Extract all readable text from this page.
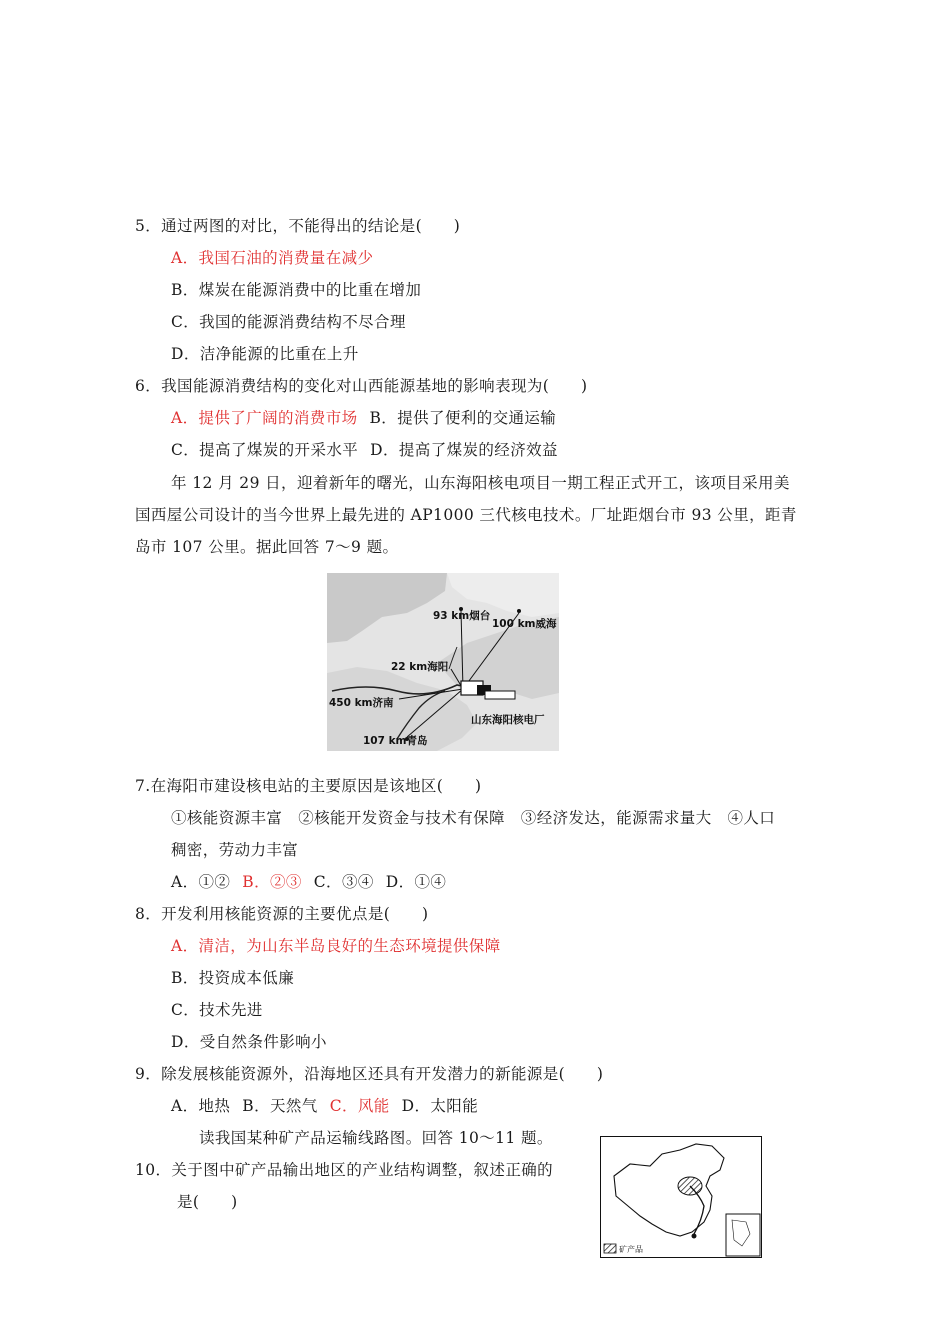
5．通过两图的对比，不能得出的结论是(　　)
A．我国石油的消费量在减少
B．煤炭在能源消费中的比重在增加
C．我国的能源消费结构不尽合理
D．洁净能源的比重在上升
6．我国能源消费结构的变化对山西能源基地的影响表现为(　　)
A．提供了广阔的消费市场 B．提供了便利的交通运输
C．提高了煤炭的开采水平 D．提高了煤炭的经济效益
年 12 月 29 日，迎着新年的曙光，山东海阳核电项目一期工程正式开工，该项目采用美
国西屋公司设计的当今世界上最先进的 AP1000 三代核电技术。厂址距烟台市 93 公里，距青
岛市 107 公里。据此回答 7～9 题。
93 km烟台
100 km威海
22 km海阳
450 km济南
山东海阳核电厂
107 km青岛
7.在海阳市建设核电站的主要原因是该地区(　　)
①核能资源丰富　②核能开发资金与技术有保障　③经济发达，能源需求量大　④人口
稠密，劳动力丰富
A．①② B．②③ C．③④ D．①④
8．开发利用核能资源的主要优点是(　　)
A．清洁，为山东半岛良好的生态环境提供保障
B．投资成本低廉
C．技术先进
D．受自然条件影响小
9．除发展核能资源外，沿海地区还具有开发潜力的新能源是(　　)
A．地热 B．天然气 C．风能 D．太阳能
读我国某种矿产品运输线路图。回答 10～11 题。
10．关于图中矿产品输出地区的产业结构调整，叙述正确的
是(　　)
矿产品
